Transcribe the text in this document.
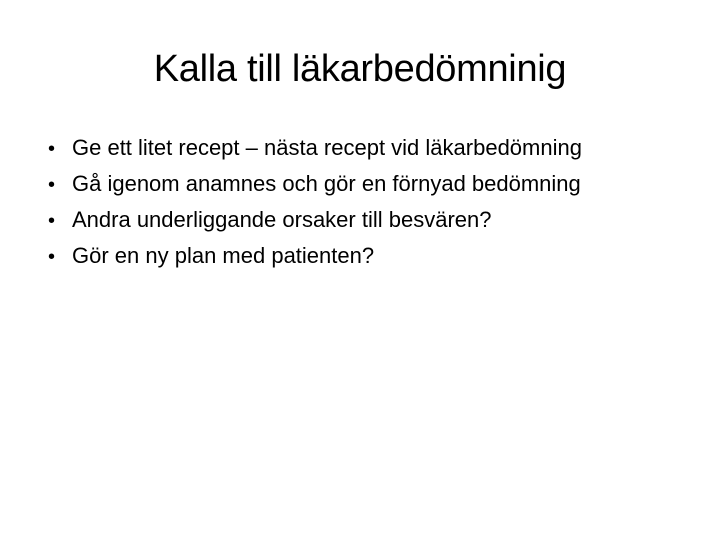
Kalla till läkarbedömninig
• Ge ett litet recept – nästa recept vid läkarbedömning
• Gå igenom anamnes och gör en förnyad bedömning
• Andra underliggande orsaker till besvären?
• Gör en ny plan med patienten?
